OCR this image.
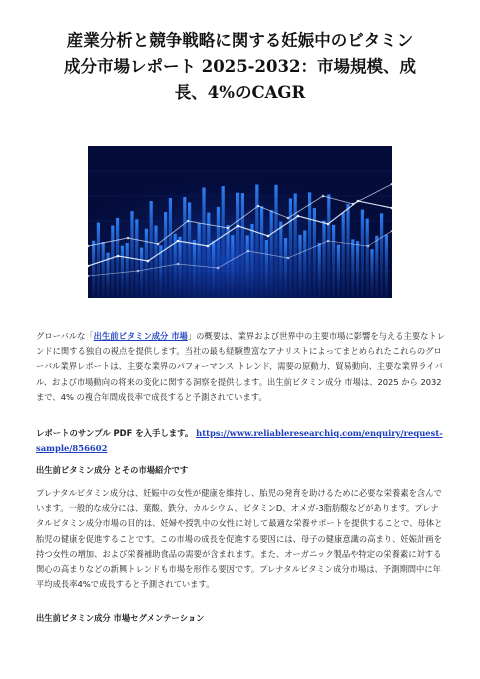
産業分析と競争戦略に関する妊娠中のビタミン
成分市場レポート 2025-2032：市場規模、成
長、4%のCAGR
グローバルな「出生前ビタミン成分 市場」の概要は、業界および世界中の主要市場に影響を与える主要なトレンドに関する独自の視点を提供します。当社の最も経験豊富なアナリストによってまとめられたこれらのグローバル業界レポートは、主要な業界のパフォーマンス トレンド、需要の原動力、貿易動向、主要な業界ライバル、および市場動向の将来の変化に関する洞察を提供します。出生前ビタミン成分 市場は、2025 から 2032 まで、4% の複合年間成長率で成長すると予測されています。
レポートのサンプル PDF を入手します。 https://www.reliableresearchiq.com/enquiry/request-sample/856602
出生前ビタミン成分 とその市場紹介です
プレナタルビタミン成分は、妊娠中の女性が健康を維持し、胎児の発育を助けるために必要な栄養素を含んでいます。一般的な成分には、葉酸、鉄分、カルシウム、ビタミンD、オメガ-3脂肪酸などがあります。プレナタルビタミン成分市場の目的は、妊婦や授乳中の女性に対して最適な栄養サポートを提供することで、母体と胎児の健康を促進することです。この市場の成長を促進する要因には、母子の健康意識の高まり、妊娠計画を持つ女性の増加、および栄養補助食品の需要が含まれます。また、オーガニック製品や特定の栄養素に対する関心の高まりなどの新興トレンドも市場を形作る要因です。プレナタルビタミン成分市場は、予測期間中に年平均成長率4%で成長すると予測されています。
出生前ビタミン成分 市場セグメンテーション
